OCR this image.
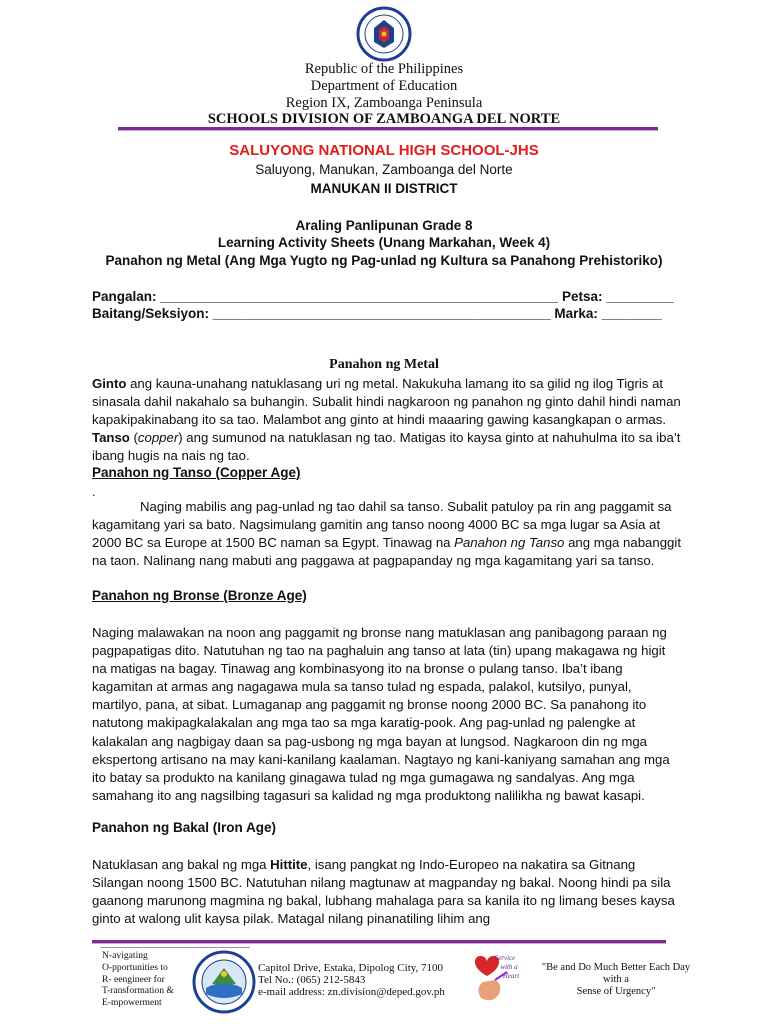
Republic of the Philippines
Department of Education
Region IX, Zamboanga Peninsula
SCHOOLS DIVISION OF ZAMBOANGA DEL NORTE
SALUYONG NATIONAL HIGH SCHOOL-JHS
Saluyong, Manukan, Zamboanga del Norte
MANUKAN II DISTRICT
Araling Panlipunan Grade 8
Learning Activity Sheets (Unang Markahan, Week 4)
Panahon ng Metal (Ang Mga Yugto ng Pag-unlad ng Kultura sa Panahong Prehistoriko)
Pangalan: _____________________________________________________ Petsa: _________
Baitang/Seksiyon: _____________________________________________ Marka: ________
Panahon ng Metal
Ginto ang kauna-unahang natuklasang uri ng metal. Nakukuha lamang ito sa gilid ng ilog Tigris at sinasala dahil nakahalo sa buhangin. Subalit hindi nagkaroon ng panahon ng ginto dahil hindi naman kapakipakinabang ito sa tao. Malambot ang ginto at hindi maaaring gawing kasangkapan o armas. Tanso (copper) ang sumunod na natuklasan ng tao. Matigas ito kaysa ginto at nahuhulma ito sa iba’t ibang hugis na nais ng tao.
Panahon ng Tanso (Copper Age)
.
Naging mabilis ang pag-unlad ng tao dahil sa tanso. Subalit patuloy pa rin ang paggamit sa kagamitang yari sa bato. Nagsimulang gamitin ang tanso noong 4000 BC sa mga lugar sa Asia at 2000 BC sa Europe at 1500 BC naman sa Egypt. Tinawag na Panahon ng Tanso ang mga nabanggit na taon. Nalinang nang mabuti ang paggawa at pagpapanday ng mga kagamitang yari sa tanso.
Panahon ng Bronse (Bronze Age)
Naging malawakan na noon ang paggamit ng bronse nang matuklasan ang panibagong paraan ng pagpapatigas dito. Natutuhan ng tao na paghaluin ang tanso at lata (tin) upang makagawa ng higit na matigas na bagay. Tinawag ang kombinasyong ito na bronse o pulang tanso. Iba’t ibang kagamitan at armas ang nagagawa mula sa tanso tulad ng espada, palakol, kutsilyo, punyal, martilyo, pana, at sibat. Lumaganap ang paggamit ng bronse noong 2000 BC. Sa panahong ito natutong makipagkalakalan ang mga tao sa mga karatig-pook. Ang pag-unlad ng palengke at kalakalan ang nagbigay daan sa pag-usbong ng mga bayan at lungsod. Nagkaroon din ng mga ekspertong artisano na may kani-kanilang kaalaman. Nagtayo ng kani-kaniyang samahan ang mga ito batay sa produkto na kanilang ginagawa tulad ng mga gumagawa ng sandalyas. Ang mga samahang ito ang nagsilbing tagasuri sa kalidad ng mga produktong nalilikha ng bawat kasapi.
Panahon ng Bakal (Iron Age)
Natuklasan ang bakal ng mga Hittite, isang pangkat ng Indo-Europeo na nakatira sa Gitnang Silangan noong 1500 BC. Natutuhan nilang magtunaw at magpanday ng bakal. Noong hindi pa sila gaanong marunong magmina ng bakal, lubhang mahalaga para sa kanila ito ng limang beses kaysa ginto at walong ulit kaysa pilak. Matagal nilang pinanatiling lihim ang
N-avigating
O-pportunities to
R- eengineer for
T-ransformation &
E-mpowerment
Capitol Drive, Estaka, Dipolog City, 7100
Tel No.: (065) 212-5843
e-mail address: zn.division@deped.gov.ph
Service
with a
Heart
"Be and Do Much Better Each Day
with a
Sense of Urgency"
